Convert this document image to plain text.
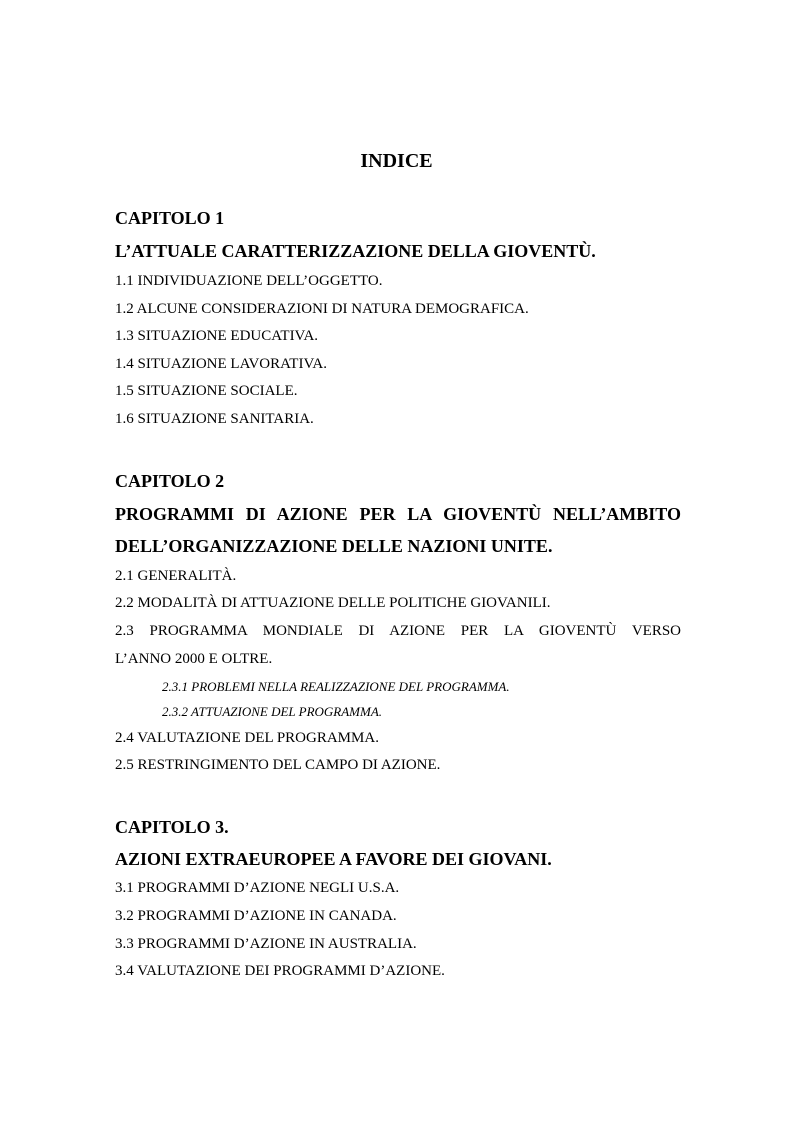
INDICE
CAPITOLO 1
L’ATTUALE CARATTERIZZAZIONE DELLA GIOVENTÙ.
1.1 INDIVIDUAZIONE DELL’OGGETTO.
1.2 ALCUNE CONSIDERAZIONI DI NATURA DEMOGRAFICA.
1.3 SITUAZIONE EDUCATIVA.
1.4 SITUAZIONE LAVORATIVA.
1.5 SITUAZIONE SOCIALE.
1.6 SITUAZIONE SANITARIA.
CAPITOLO 2
PROGRAMMI DI AZIONE PER LA GIOVENTÙ NELL’AMBITO
DELL’ORGANIZZAZIONE DELLE NAZIONI UNITE.
2.1 GENERALITÀ.
2.2 MODALITÀ DI ATTUAZIONE DELLE POLITICHE GIOVANILI.
2.3 PROGRAMMA MONDIALE DI AZIONE PER LA GIOVENTÙ VERSO
L’ANNO 2000 E OLTRE.
2.3.1 PROBLEMI NELLA REALIZZAZIONE DEL PROGRAMMA.
2.3.2 ATTUAZIONE DEL PROGRAMMA.
2.4 VALUTAZIONE DEL PROGRAMMA.
2.5 RESTRINGIMENTO DEL CAMPO DI AZIONE.
CAPITOLO 3.
AZIONI EXTRAEUROPEE A FAVORE DEI GIOVANI.
3.1 PROGRAMMI D’AZIONE NEGLI U.S.A.
3.2 PROGRAMMI D’AZIONE IN CANADA.
3.3 PROGRAMMI D’AZIONE IN AUSTRALIA.
3.4 VALUTAZIONE DEI PROGRAMMI D’AZIONE.
